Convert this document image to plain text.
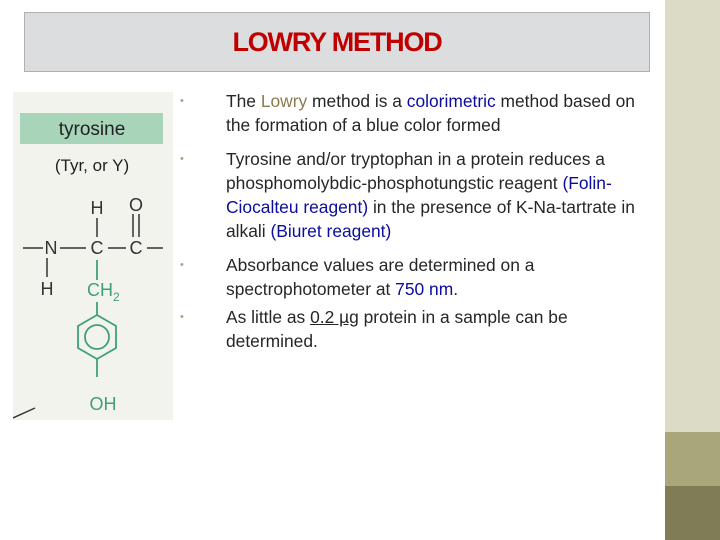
LOWRY METHOD
tyrosine
(Tyr, or Y)
H O
N C C
H $CH_2$
OH
• The Lowry method is a colorimetric method based on the formation of a blue color formed
• Tyrosine and/or tryptophan in a protein reduces a phosphomolybdic-phosphotungstic reagent (Folin-Ciocalteu reagent) in the presence of K-Na-tartrate in alkali (Biuret reagent)
• Absorbance values are determined on a spectrophotometer at 750 nm.
• As little as 0.2 µg protein in a sample can be determined.
